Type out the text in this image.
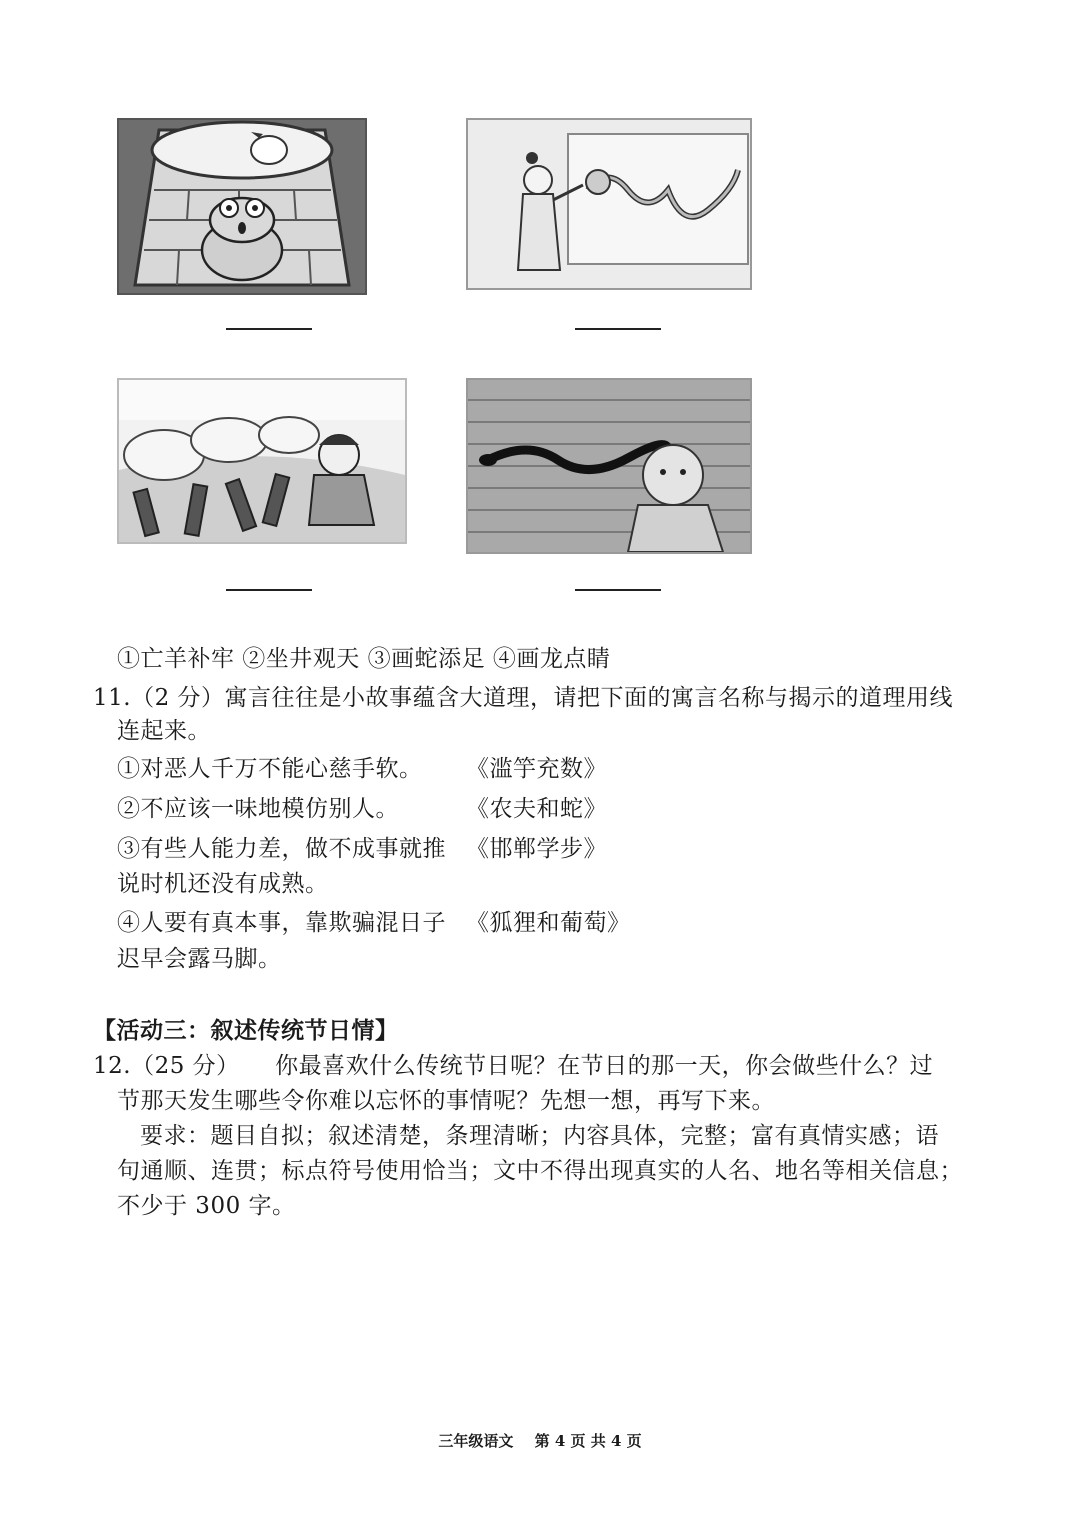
①亡羊补牢 ②坐井观天 ③画蛇添足 ④画龙点睛
11.（2 分）寓言往往是小故事蕴含大道理，请把下面的寓言名称与揭示的道理用线
连起来。
①对恶人千万不能心慈手软。 《滥竽充数》
②不应该一味地模仿别人。	《农夫和蛇》
③有些人能力差，做不成事就推 《邯郸学步》
说时机还没有成熟。
④人要有真本事，靠欺骗混日子 《狐狸和葡萄》
迟早会露马脚。
【活动三：叙述传统节日情】
12.（25 分）　　你最喜欢什么传统节日呢？在节日的那一天，你会做些什么？过
节那天发生哪些令你难以忘怀的事情呢？先想一想，再写下来。
要求：题目自拟；叙述清楚，条理清晰；内容具体，完整；富有真情实感；语
句通顺、连贯；标点符号使用恰当；文中不得出现真实的人名、地名等相关信息；
不少于 300 字。
三年级语文 第 4 页 共 4 页
